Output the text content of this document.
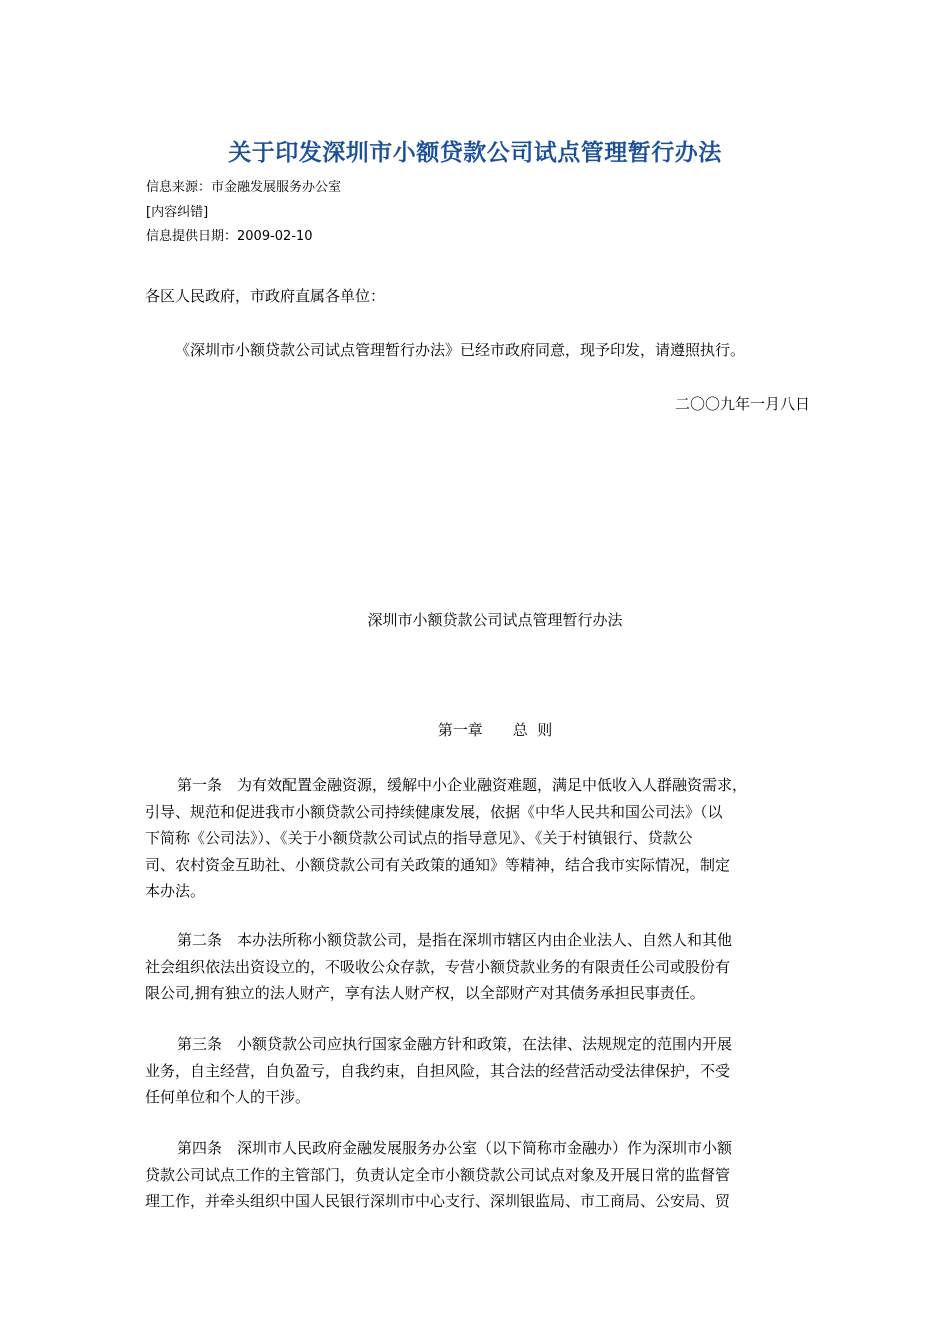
关于印发深圳市小额贷款公司试点管理暂行办法
信息来源：市金融发展服务办公室
[内容纠错]
信息提供日期：2009-02-10
各区人民政府，市政府直属各单位：
《深圳市小额贷款公司试点管理暂行办法》已经市政府同意，现予印发，请遵照执行。
二〇〇九年一月八日
深圳市小额贷款公司试点管理暂行办法
第一章　　总  则
第一条　为有效配置金融资源，缓解中小企业融资难题，满足中低收入人群融资需求，
引导、规范和促进我市小额贷款公司持续健康发展，依据《中华人民共和国公司法》（以
下简称《公司法》）、《关于小额贷款公司试点的指导意见》、《关于村镇银行、贷款公
司、农村资金互助社、小额贷款公司有关政策的通知》等精神，结合我市实际情况，制定
本办法。
第二条　本办法所称小额贷款公司，是指在深圳市辖区内由企业法人、自然人和其他
社会组织依法出资设立的，不吸收公众存款，专营小额贷款业务的有限责任公司或股份有
限公司,拥有独立的法人财产，享有法人财产权，以全部财产对其债务承担民事责任。
第三条　小额贷款公司应执行国家金融方针和政策，在法律、法规规定的范围内开展
业务，自主经营，自负盈亏，自我约束，自担风险，其合法的经营活动受法律保护，不受
任何单位和个人的干涉。
第四条　深圳市人民政府金融发展服务办公室（以下简称市金融办）作为深圳市小额
贷款公司试点工作的主管部门，负责认定全市小额贷款公司试点对象及开展日常的监督管
理工作，并牵头组织中国人民银行深圳市中心支行、深圳银监局、市工商局、公安局、贸
